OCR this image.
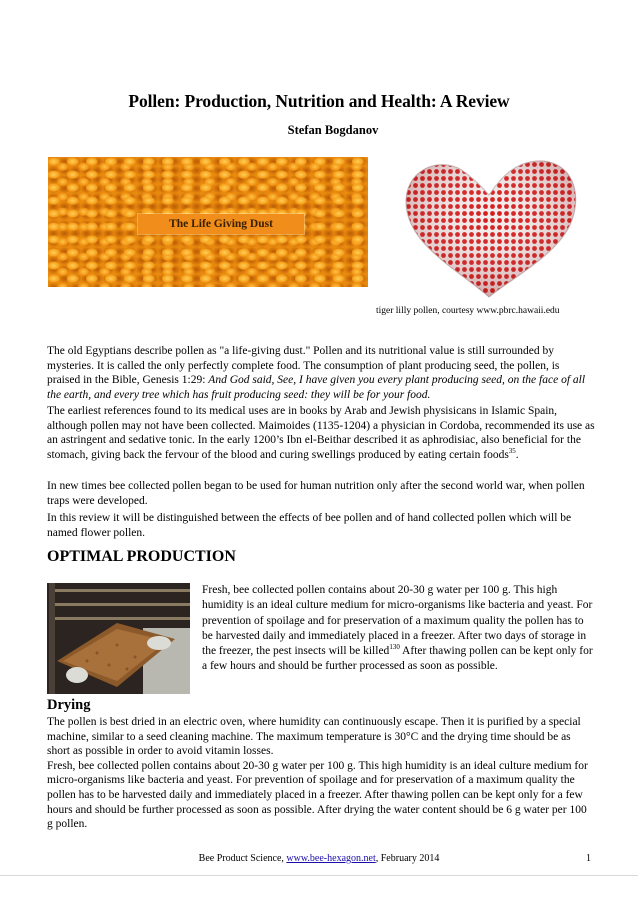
Pollen: Production, Nutrition and Health: A Review
Stefan Bogdanov
The Life Giving Dust
tiger lilly pollen, courtesy www.pbrc.hawaii.edu

The old Egyptians describe pollen as "a life-giving dust." Pollen and its nutritional value is still surrounded by mysteries. It is called the only perfectly complete food. The consumption of plant producing seed, the pollen, is praised in the Bible, Genesis 1:29: And God said, See, I have given you every plant producing seed, on the face of all the earth, and every tree which has fruit producing seed: they will be for your food.

The earliest references found to its medical uses are in books by Arab and Jewish physisicans in Islamic Spain, although pollen may not have been collected. Maimoides (1135-1204) a physician in Cordoba, recommended its use as an astringent and sedative tonic. In the early 1200’s Ibn el-Beithar described it as aphrodisiac, also beneficial for the stomach, giving back the fervour of the blood and curing swellings produced by eating certain foods$^{35}$.

In new times bee collected pollen began to be used for human nutrition only after the second world war, when pollen traps were developed.

In this review it will be distinguished between the effects of bee pollen and of hand collected pollen which will be named flower pollen.

OPTIMAL PRODUCTION

Fresh, bee collected pollen contains about 20-30 g water per 100 g. This high humidity is an ideal culture medium for micro-organisms like bacteria and yeast. For prevention of spoilage and for preservation of a maximum quality the pollen has to be harvested daily and immediately placed in a freezer. After two days of storage in the freezer, the pest insects will be killed$^{130}$ After thawing pollen can be kept only for a few hours and should be further processed as soon as possible.

Drying
The pollen is best dried in an electric oven, where humidity can continuously escape. Then it is purified by a special machine, similar to a seed cleaning machine. The maximum temperature is 30°C and the drying time should be as short as possible in order to avoid vitamin losses.
Fresh, bee collected pollen contains about 20-30 g water per 100 g. This high humidity is an ideal culture medium for micro-organisms like bacteria and yeast. For prevention of spoilage and for preservation of a maximum quality the pollen has to be harvested daily and immediately placed in a freezer. After thawing pollen can be kept only for a few hours and should be further processed as soon as possible. After drying the water content should be 6 g water per 100 g pollen.
Bee Product Science, www.bee-hexagon.net, February 2014	1
